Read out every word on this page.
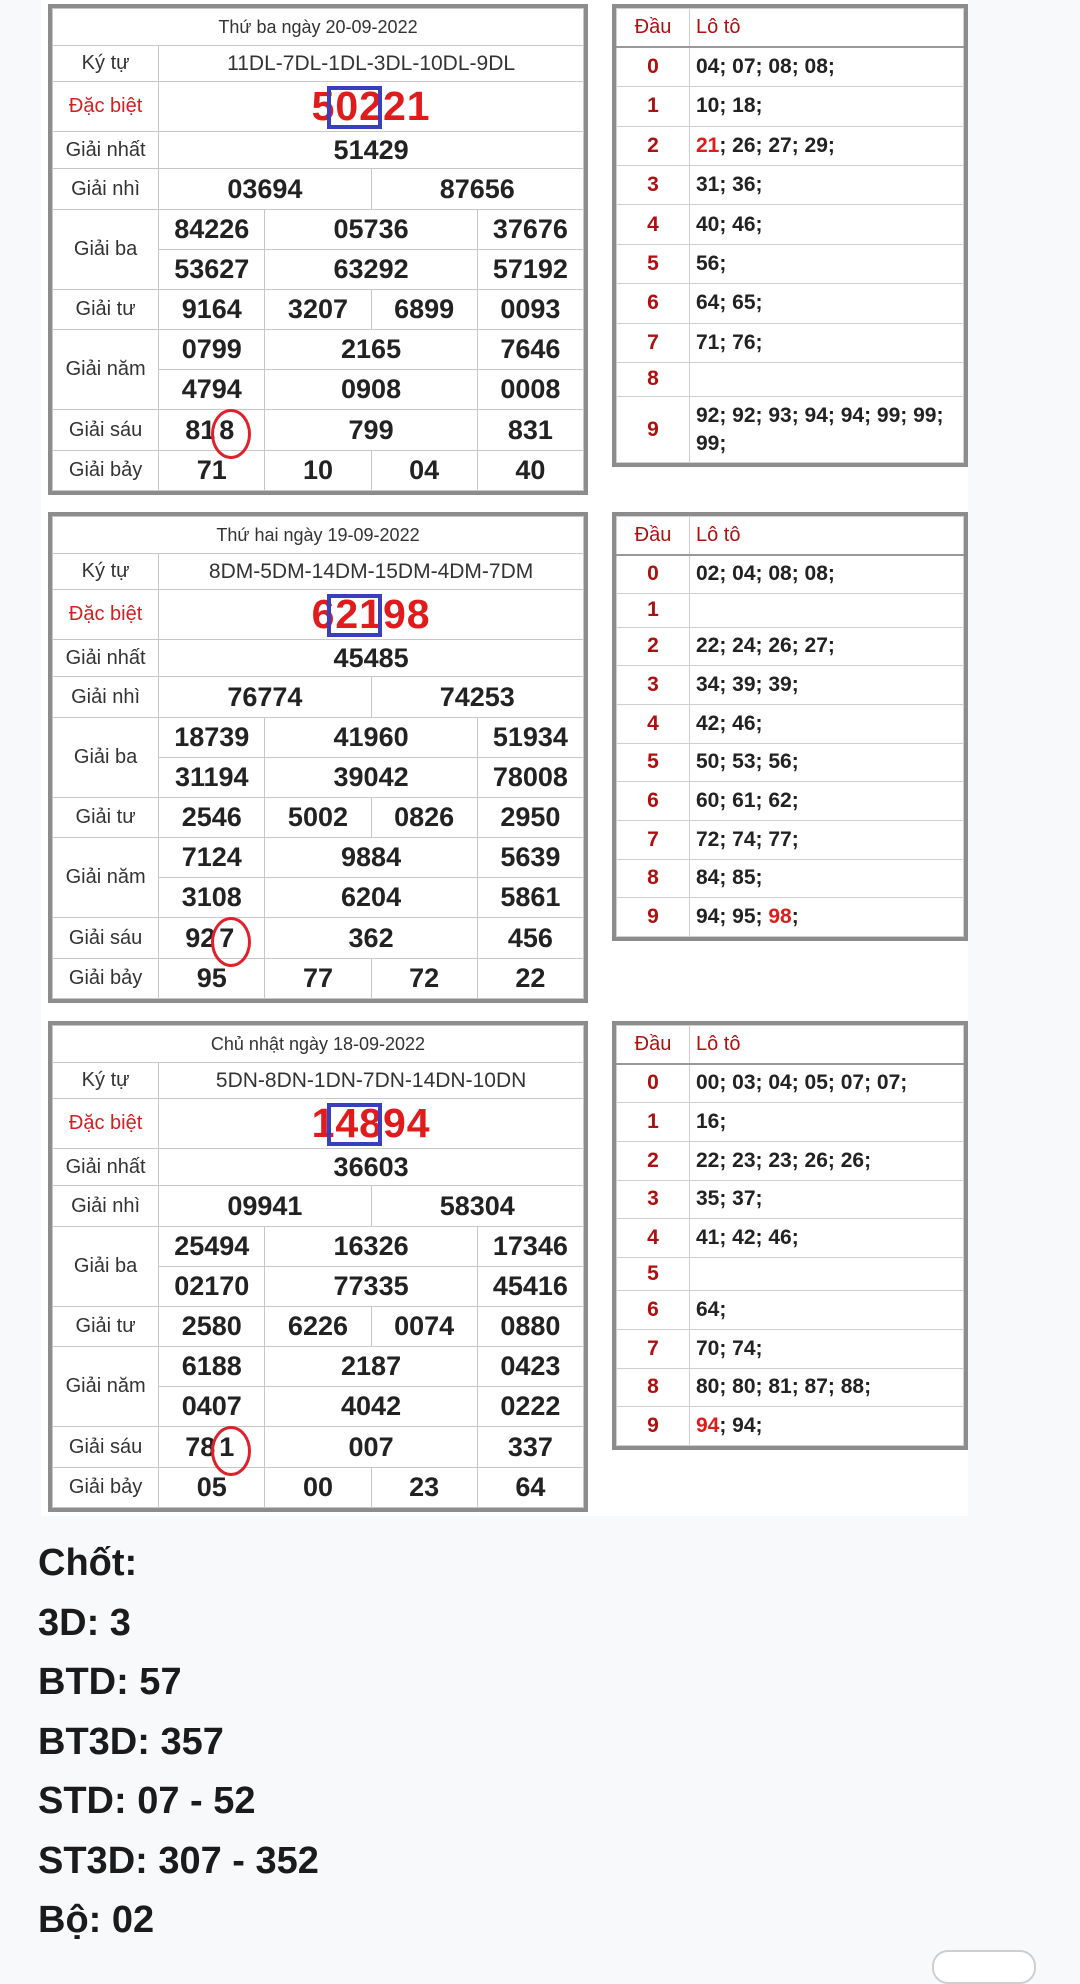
Thứ ba ngày 20-09-2022				
Ký tự	11DL-7DL-1DL-3DL-10DL-9DL			
Đặc biệt	50221			
Giải nhất	51429			
Giải nhì	03694		87656	
Giải ba	84226	05736		37676
	53627	63292		57192
Giải tư	9164	3207	6899	0093
Giải năm	0799	2165		7646
	4794	0908		0008
Giải sáu	81 8	799		831
Giải bảy	71	10	04	40
Đầu	Lô tô
0	04; 07; 08; 08;
1	10; 18;
2	21; 26; 27; 29;
3	31; 36;
4	40; 46;
5	56;
6	64; 65;
7	71; 76;
8	
9	92; 92; 93; 94; 94; 99; 99; 99;
Thứ hai ngày 19-09-2022				
Ký tự	8DM-5DM-14DM-15DM-4DM-7DM			
Đặc biệt	62198			
Giải nhất	45485			
Giải nhì	76774		74253	
Giải ba	18739	41960		51934
	31194	39042		78008
Giải tư	2546	5002	0826	2950
Giải năm	7124	9884		5639
	3108	6204		5861
Giải sáu	92 7	362		456
Giải bảy	95	77	72	22
Đầu	Lô tô
0	02; 04; 08; 08;
1	
2	22; 24; 26; 27;
3	34; 39; 39;
4	42; 46;
5	50; 53; 56;
6	60; 61; 62;
7	72; 74; 77;
8	84; 85;
9	94; 95; 98;
Chủ nhật ngày 18-09-2022				
Ký tự	5DN-8DN-1DN-7DN-14DN-10DN			
Đặc biệt	14894			
Giải nhất	36603			
Giải nhì	09941		58304	
Giải ba	25494	16326		17346
	02170	77335		45416
Giải tư	2580	6226	0074	0880
Giải năm	6188	2187		0423
	0407	4042		0222
Giải sáu	78 1	007		337
Giải bảy	05	00	23	64
Đầu	Lô tô
0	00; 03; 04; 05; 07; 07;
1	16;
2	22; 23; 23; 26; 26;
3	35; 37;
4	41; 42; 46;
5	
6	64;
7	70; 74;
8	80; 80; 81; 87; 88;
9	94; 94;
Chốt:
3D: 3
BTD: 57
BT3D: 357
STD: 07 - 52
ST3D: 307 - 352
Bộ: 02
